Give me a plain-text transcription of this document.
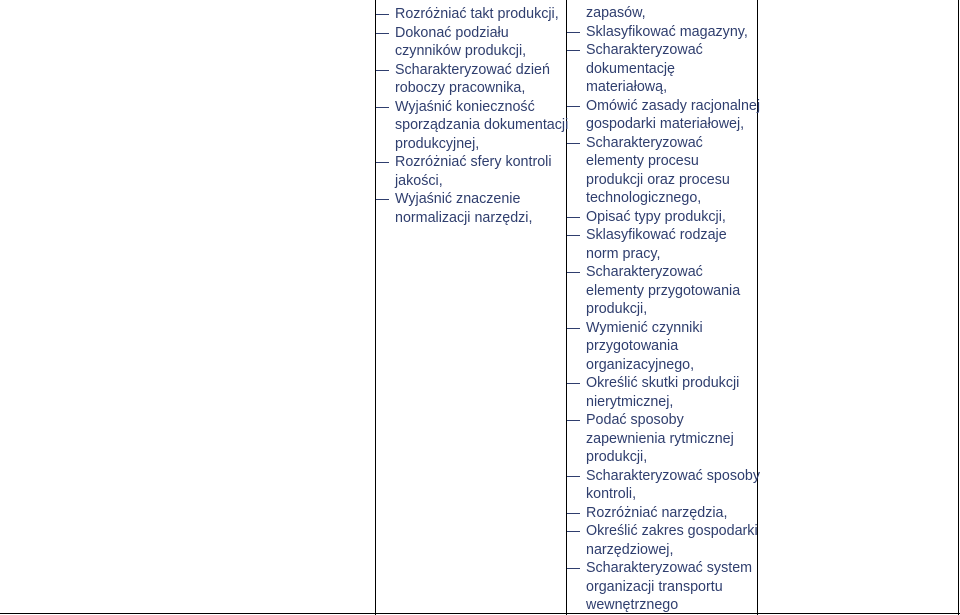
Rozróżniać takt produkcji,
Dokonać podziału
czynników produkcji,
Scharakteryzować dzień
roboczy pracownika,
Wyjaśnić konieczność
sporządzania dokumentacji
produkcyjnej,
Rozróżniać sfery kontroli
jakości,
Wyjaśnić znaczenie
normalizacji narzędzi,
zapasów,
Sklasyfikować magazyny,
Scharakteryzować
dokumentację
materiałową,
Omówić zasady racjonalnej
gospodarki materiałowej,
Scharakteryzować
elementy procesu
produkcji oraz procesu
technologicznego,
Opisać typy produkcji,
Sklasyfikować rodzaje
norm pracy,
Scharakteryzować
elementy przygotowania
produkcji,
Wymienić czynniki
przygotowania
organizacyjnego,
Określić skutki produkcji
nierytmicznej,
Podać sposoby
zapewnienia rytmicznej
produkcji,
Scharakteryzować sposoby
kontroli,
Rozróżniać narzędzia,
Określić zakres gospodarki
narzędziowej,
Scharakteryzować system
organizacji transportu
wewnętrznego
